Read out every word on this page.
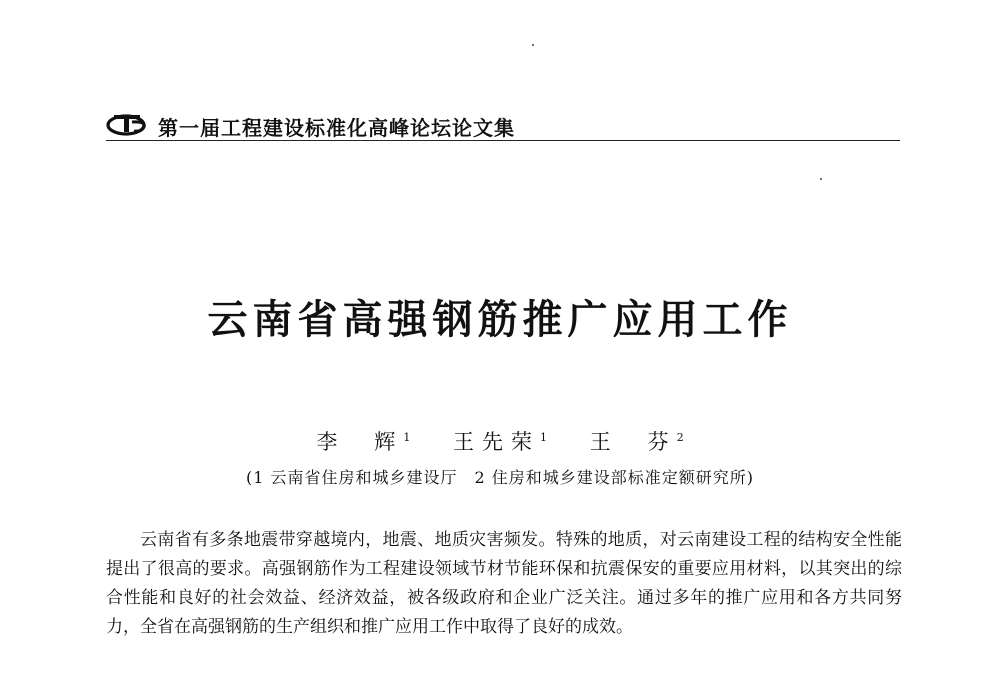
第一届工程建设标准化高峰论坛论文集
云南省高强钢筋推广应用工作
李　辉$^1$ 王先荣$^1$ 王　芬$^2$
(1 云南省住房和城乡建设厅　2 住房和城乡建设部标准定额研究所)

云南省有多条地震带穿越境内，地震、地质灾害频发。特殊的地质，对云南建设工程的结构安全性能提出了很高的要求。高强钢筋作为工程建设领域节材节能环保和抗震保安的重要应用材料，以其突出的综合性能和良好的社会效益、经济效益，被各级政府和企业广泛关注。通过多年的推广应用和各方共同努力，全省在高强钢筋的生产组织和推广应用工作中取得了良好的成效。
